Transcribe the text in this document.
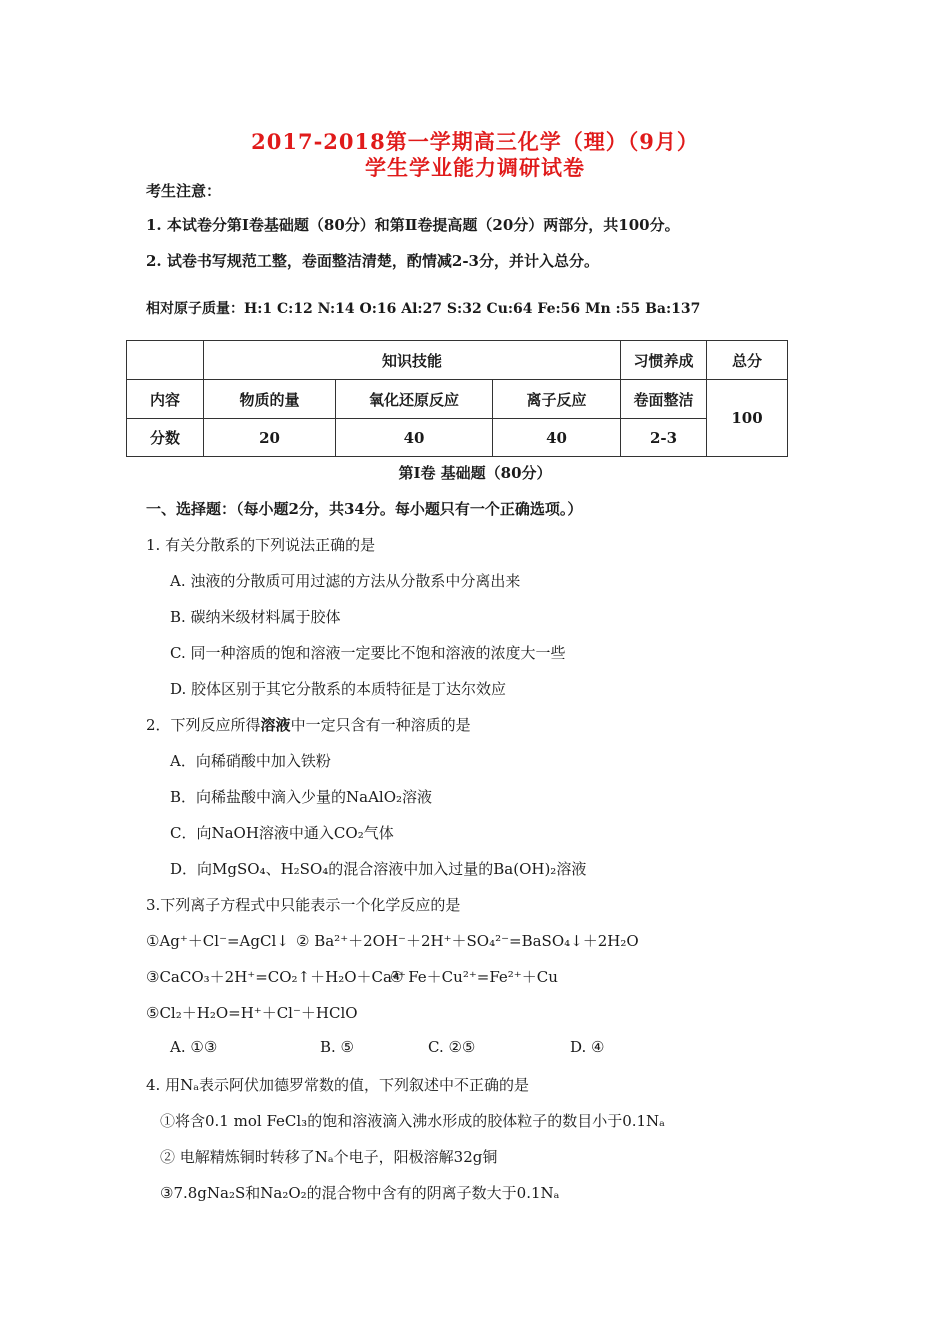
2017-2018第一学期高三化学（理）（9月）
学生学业能力调研试卷
考生注意：
1. 本试卷分第Ⅰ卷基础题（80分）和第Ⅱ卷提高题（20分）两部分，共100分。
2. 试卷书写规范工整，卷面整洁清楚，酌情减2-3分，并计入总分。
相对原子质量：H:1 C:12 N:14 O:16 Al:27 S:32 Cu:64 Fe:56 Mn :55 Ba:137
	知识技能			习惯养成	总分
内容	物质的量	氧化还原反应	离子反应	卷面整洁	100
分数	20	40	40	2-3	
第Ⅰ卷 基础题（80分）
一、选择题：（每小题2分，共34分。每小题只有一个正确选项。）
1. 有关分散系的下列说法正确的是
A. 浊液的分散质可用过滤的方法从分散系中分离出来
B. 碳纳米级材料属于胶体
C. 同一种溶质的饱和溶液一定要比不饱和溶液的浓度大一些
D. 胶体区别于其它分散系的本质特征是丁达尔效应
2．下列反应所得溶液中一定只含有一种溶质的是
A．向稀硝酸中加入铁粉
B．向稀盐酸中滴入少量的NaAlO₂溶液
C．向NaOH溶液中通入CO₂气体
D．向MgSO₄、H₂SO₄的混合溶液中加入过量的Ba(OH)₂溶液
3.下列离子方程式中只能表示一个化学反应的是
①Ag⁺＋Cl⁻=AgCl↓ ② Ba²⁺＋2OH⁻＋2H⁺＋SO₄²⁻=BaSO₄↓＋2H₂O
③CaCO₃＋2H⁺=CO₂↑＋H₂O＋Ca²⁺
④ Fe＋Cu²⁺=Fe²⁺＋Cu
⑤Cl₂＋H₂O=H⁺＋Cl⁻＋HClO
A. ①③	B. ⑤	C. ②⑤	D. ④
4. 用Nₐ表示阿伏加德罗常数的值，下列叙述中不正确的是
①将含0.1 mol FeCl₃的饱和溶液滴入沸水形成的胶体粒子的数目小于0.1Nₐ
② 电解精炼铜时转移了Nₐ个电子，阳极溶解32g铜
③7.8gNa₂S和Na₂O₂的混合物中含有的阴离子数大于0.1Nₐ
